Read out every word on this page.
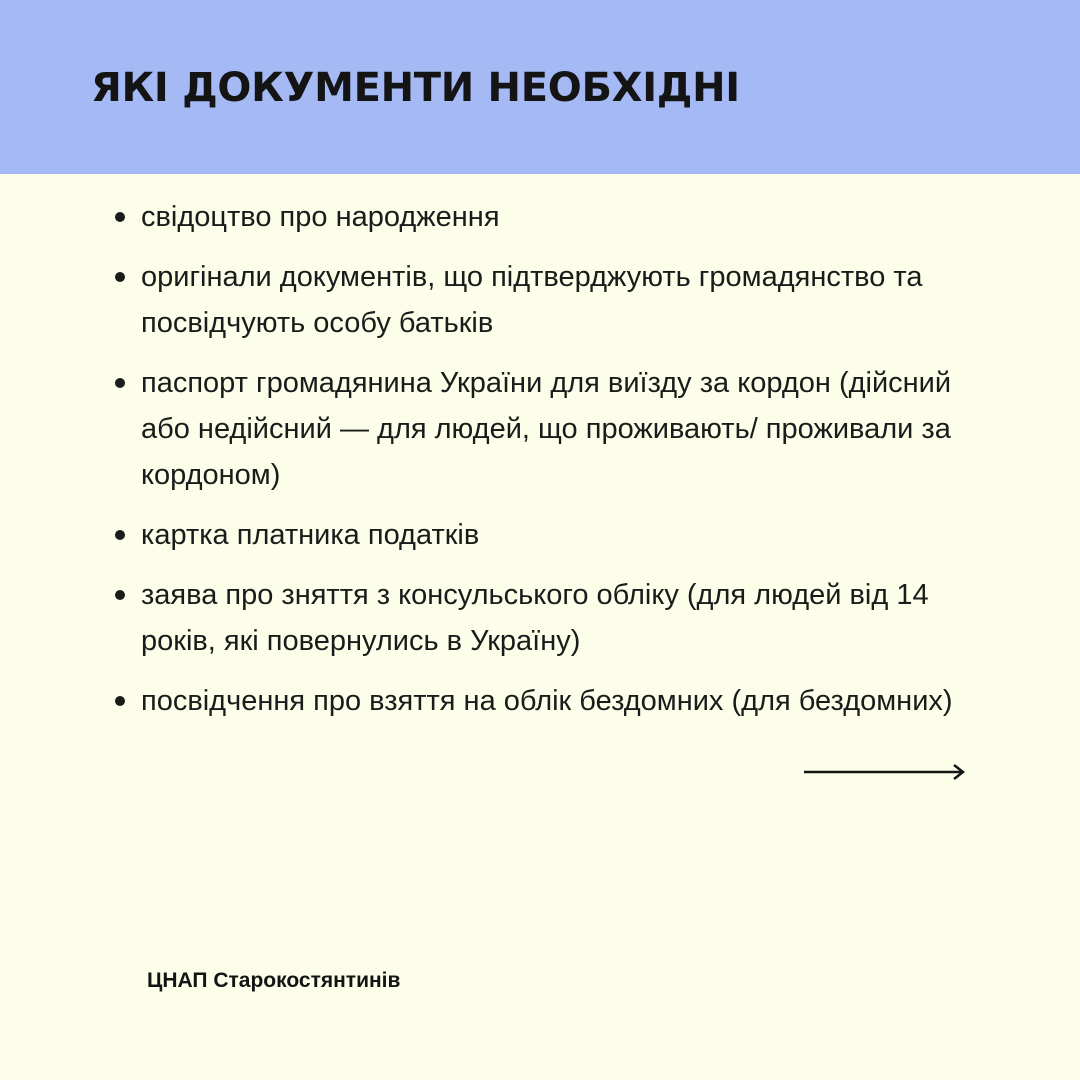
ЯКІ ДОКУМЕНТИ НЕОБХІДНІ
свідоцтво про народження
оригінали документів, що підтверджують громадянство та посвідчують особу батьків
паспорт громадянина України для виїзду за кордон (дійсний або недійсний — для людей, що проживають/ проживали за кордоном)
картка платника податків
заява про зняття з консульського обліку (для людей від 14 років, які повернулись в Україну)
посвідчення про взяття на облік бездомних (для бездомних)
ЦНАП Старокостянтинів
